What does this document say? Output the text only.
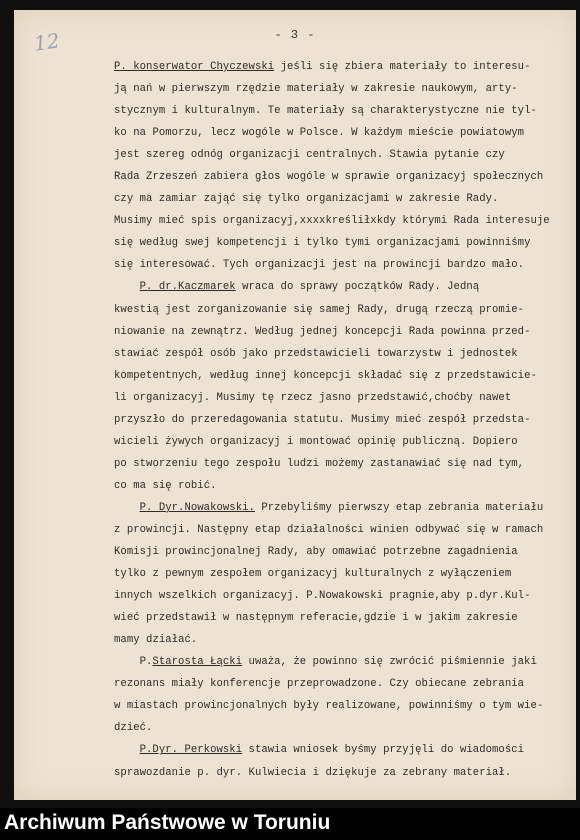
12	- 3 -
P. konserwator Chyczewski jeśli się zbiera materiały to interesu-
ją nań w pierwszym rzędzie materiały w zakresie naukowym, arty-
stycznym i kulturalnym. Te materiały są charakterystyczne nie tyl-
ko na Pomorzu, lecz wogóle w Polsce. W każdym mieście powiatowym
jest szereg odnóg organizacji centralnych. Stawia pytanie czy
Rada Zrzeszeń zabiera głos wogóle w sprawie organizacyj społecznych
czy ma zamiar zająć się tylko organizacjami w zakresie Rady.
Musimy mieć spis organizacyj,xxxxkreśliłxkdy którymi Rada interesuje
się według swej kompetencji i tylko tymi organizacjami powinniśmy
się interesować. Tych organizacji jest na prowincji bardzo mało.
P. dr.Kaczmarek wraca do sprawy początków Rady. Jedną
kwestią jest zorganizowanie się samej Rady, drugą rzeczą promie-
niowanie na zewnątrz. Według jednej koncepcji Rada powinna przed-
stawiać zespół osób jako przedstawicieli towarzystw i jednostek
kompetentnych, według innej koncepcji składać się z przedstawicie-
li organizacyj. Musimy tę rzecz jasno przedstawić,choćby nawet
przyszło do przeredagowania statutu. Musimy mieć zespół przedsta-
wicieli żywych organizacyj i montować opinię publiczną. Dopiero
po stworzeniu tego zespołu ludzi możemy zastanawiać się nad tym,
co ma się robić.
P. Dyr.Nowakowski. Przebyliśmy pierwszy etap zebrania materiału
z prowincji. Następny etap działalności winien odbywać się w ramach
Komisji prowincjonalnej Rady, aby omawiać potrzebne zagadnienia
tylko z pewnym zespołem organizacyj kulturalnych z wyłączeniem
innych wszelkich organizacyj. P.Nowakowski pragnie,aby p.dyr.Kul-
wieć przedstawił w następnym referacie,gdzie i w jakim zakresie
mamy działać.
P.Starosta Łącki uważa, że powinno się zwrócić piśmiennie jaki
rezonans miały konferencje przeprowadzone. Czy obiecane zebrania
w miastach prowincjonalnych były realizowane, powinniśmy o tym wie-
dzieć.
P.Dyr. Perkowski stawia wniosek byśmy przyjęli do wiadomości
sprawozdanie p. dyr. Kulwiecia i dziękuje za zebrany materiał.
Archiwum Państwowe w Toruniu
